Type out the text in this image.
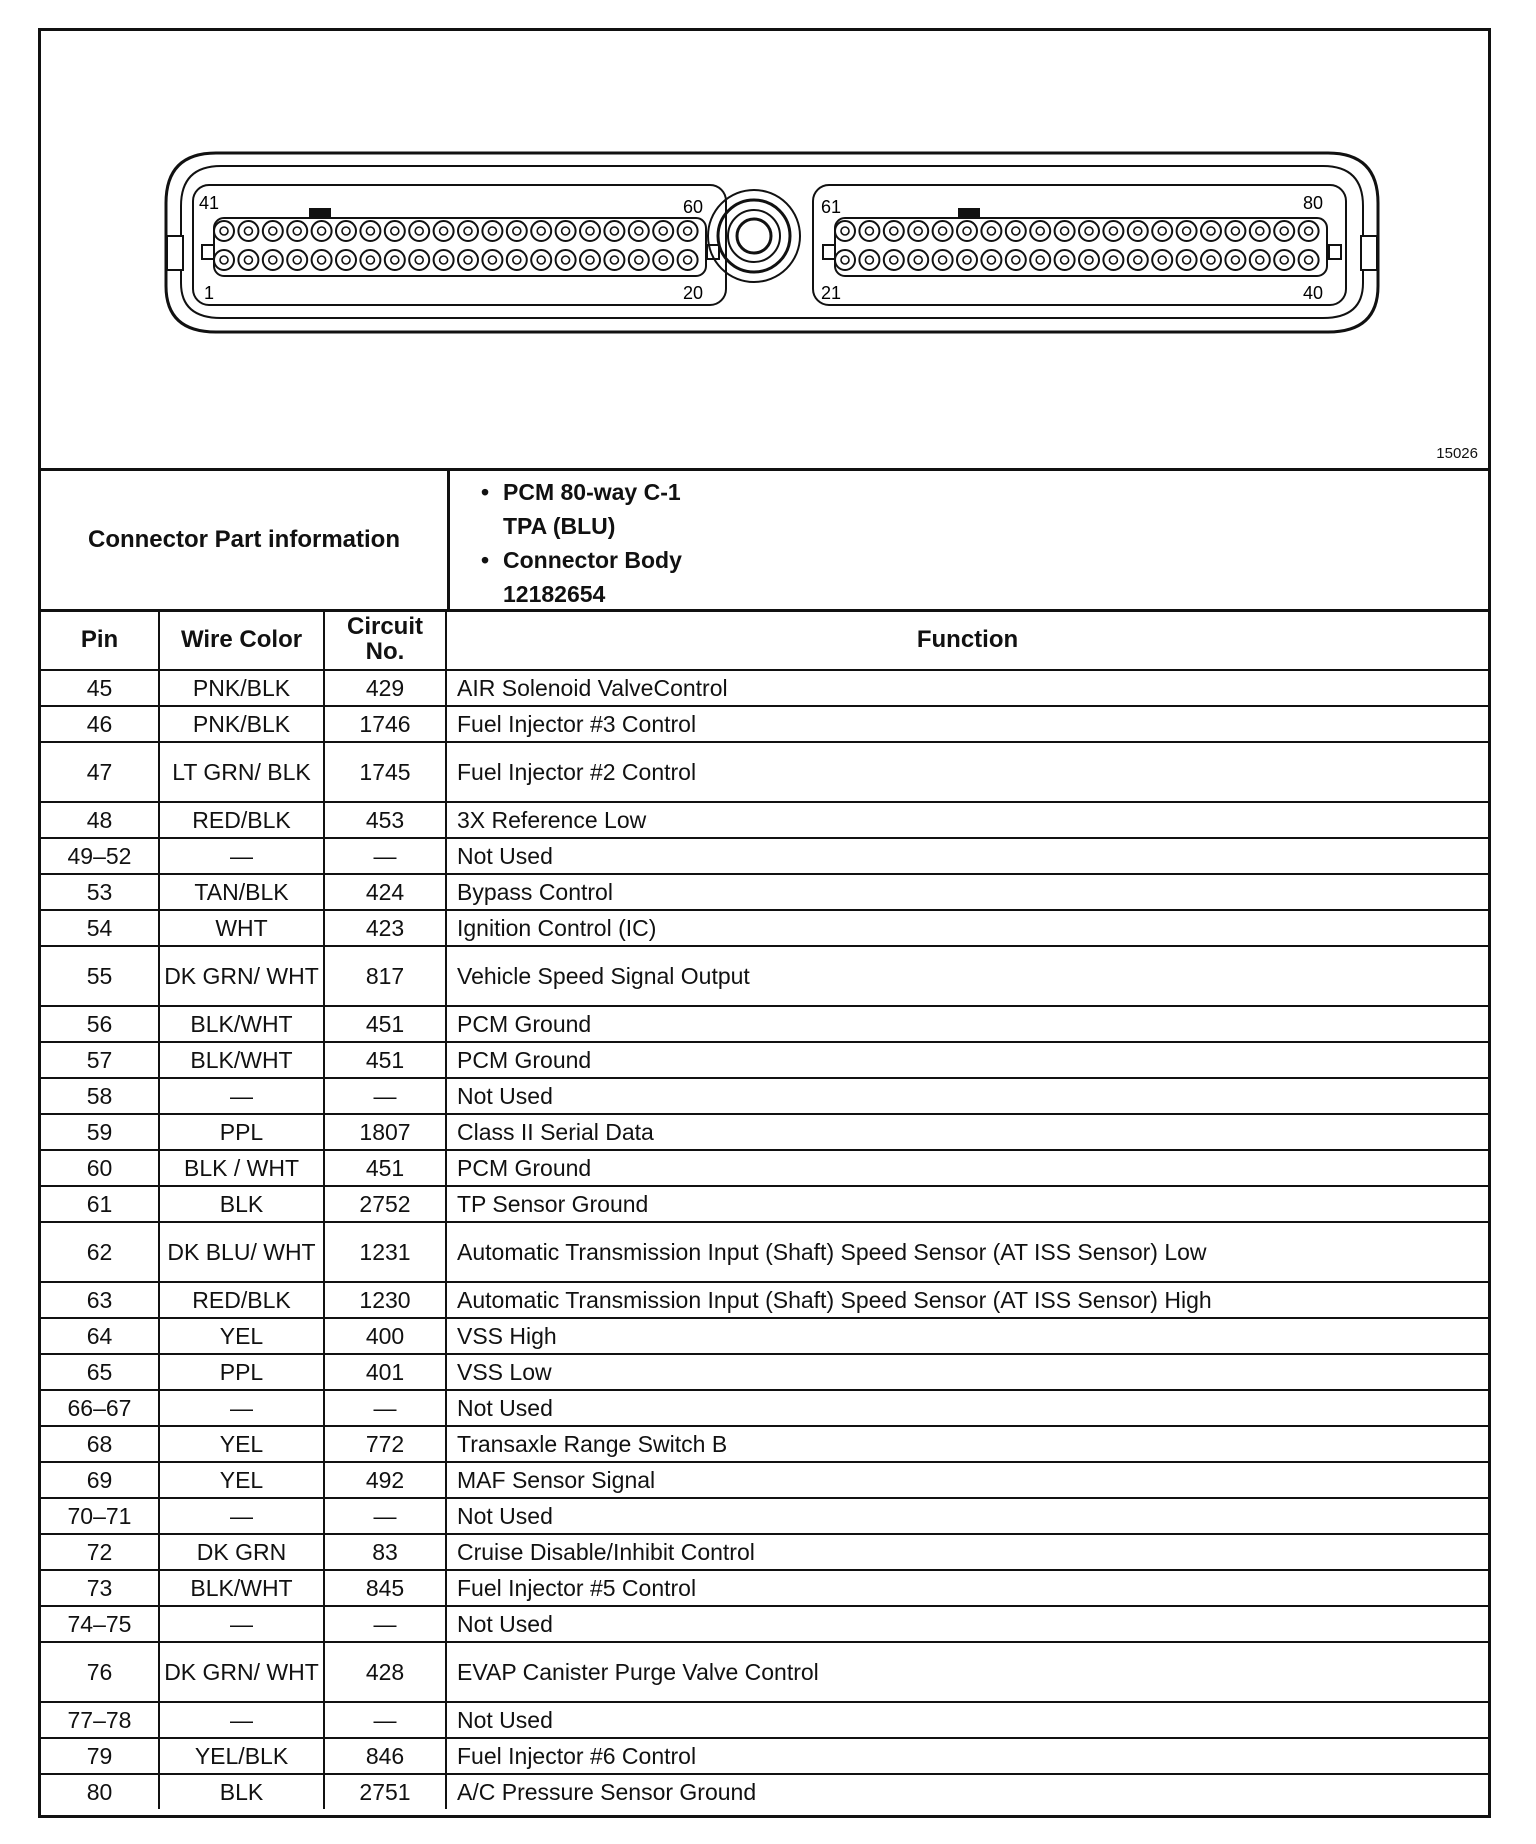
41	60
1	20
61	80
21	40
15026
Connector Part information
• PCM 80-way C-1
TPA (BLU)
• Connector Body
12182654
Pin	Wire Color	Circuit No.	Function
45	PNK/BLK	429	AIR Solenoid ValveControl
46	PNK/BLK	1746	Fuel Injector #3 Control
47	LT GRN/ BLK	1745	Fuel Injector #2 Control
48	RED/BLK	453	3X Reference Low
49–52	—	—	Not Used
53	TAN/BLK	424	Bypass Control
54	WHT	423	Ignition Control (IC)
55	DK GRN/ WHT	817	Vehicle Speed Signal Output
56	BLK/WHT	451	PCM Ground
57	BLK/WHT	451	PCM Ground
58	—	—	Not Used
59	PPL	1807	Class II Serial Data
60	BLK / WHT	451	PCM Ground
61	BLK	2752	TP Sensor Ground
62	DK BLU/ WHT	1231	Automatic Transmission Input (Shaft) Speed Sensor (AT ISS Sensor) Low
63	RED/BLK	1230	Automatic Transmission Input (Shaft) Speed Sensor (AT ISS Sensor) High
64	YEL	400	VSS High
65	PPL	401	VSS Low
66–67	—	—	Not Used
68	YEL	772	Transaxle Range Switch B
69	YEL	492	MAF Sensor Signal
70–71	—	—	Not Used
72	DK GRN	83	Cruise Disable/Inhibit Control
73	BLK/WHT	845	Fuel Injector #5 Control
74–75	—	—	Not Used
76	DK GRN/ WHT	428	EVAP Canister Purge Valve Control
77–78	—	—	Not Used
79	YEL/BLK	846	Fuel Injector #6 Control
80	BLK	2751	A/C Pressure Sensor Ground
